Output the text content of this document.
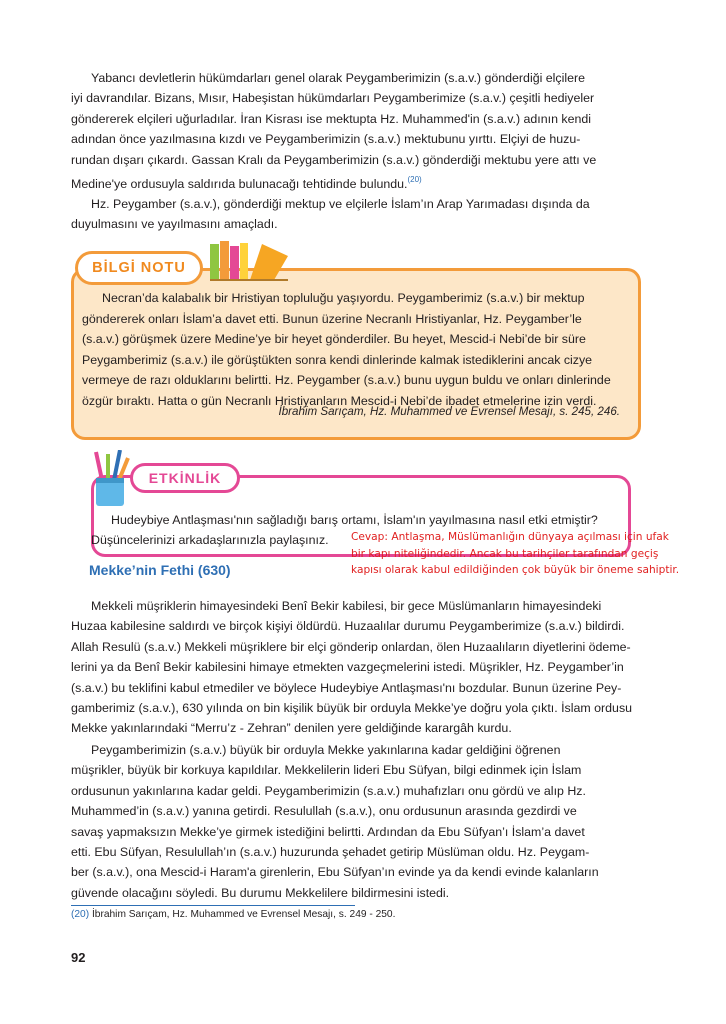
Yabancı devletlerin hükümdarları genel olarak Peygamberimizin (s.a.v.) gönderdiği elçilere
iyi davrandılar. Bizans, Mısır, Habeşistan hükümdarları Peygamberimize (s.a.v.) çeşitli hediyeler
göndererek elçileri uğurladılar. İran Kisrası ise mektupta Hz. Muhammed'in (s.a.v.) adının kendi
adından önce yazılmasına kızdı ve Peygamberimizin (s.a.v.) mektubunu yırttı. Elçiyi de huzu-
rundan dışarı çıkardı. Gassan Kralı da Peygamberimizin (s.a.v.) gönderdiği mektubu yere attı ve
Medine'ye ordusuyla saldırıda bulunacağı tehtidinde bulundu.$^{(20)}$
Hz. Peygamber (s.a.v.), gönderdiği mektup ve elçilerle İslam’ın Arap Yarımadası dışında da
duyulmasını ve yayılmasını amaçladı.
BİLGİ NOTU
Necran’da kalabalık bir Hristiyan topluluğu yaşıyordu. Peygamberimiz (s.a.v.) bir mektup
göndererek onları İslam’a davet etti. Bunun üzerine Necranlı Hristiyanlar, Hz. Peygamber’le
(s.a.v.) görüşmek üzere Medine’ye bir heyet gönderdiler. Bu heyet, Mescid-i Nebi’de bir süre
Peygamberimiz (s.a.v.) ile görüştükten sonra kendi dinlerinde kalmak istediklerini ancak cizye
vermeye de razı olduklarını belirtti. Hz. Peygamber (s.a.v.) bunu uygun buldu ve onları dinlerinde
özgür bıraktı. Hatta o gün Necranlı Hristiyanların Mescid-i Nebi’de ibadet etmelerine izin verdi.

İbrahim Sarıçam, Hz. Muhammed ve Evrensel Mesajı, s. 245, 246.

ETKİNLİK
Hudeybiye Antlaşması'nın sağladığı barış ortamı, İslam'ın yayılmasına nasıl etki etmiştir?
Düşüncelerinizi arkadaşlarınızla paylaşınız.	Cevap: Antlaşma, Müslümanlığın dünyaya açılması için ufak
bir kapı niteliğindedir. Ancak bu tarihçiler tarafından geçiş
kapısı olarak kabul edildiğinden çok büyük bir öneme sahiptir.

Mekke’nin Fethi (630)

Mekkeli müşriklerin himayesindeki Benî Bekir kabilesi, bir gece Müslümanların himayesindeki
Huzaa kabilesine saldırdı ve birçok kişiyi öldürdü. Huzaalılar durumu Peygamberimize (s.a.v.) bildirdi.
Allah Resulü (s.a.v.) Mekkeli müşriklere bir elçi gönderip onlardan, ölen Huzaalıların diyetlerini ödeme-
lerini ya da Benî Bekir kabilesini himaye etmekten vazgeçmelerini istedi. Müşrikler, Hz. Peygamber’in
(s.a.v.) bu teklifini kabul etmediler ve böylece Hudeybiye Antlaşması'nı bozdular. Bunun üzerine Pey-
gamberimiz (s.a.v.), 630 yılında on bin kişilik büyük bir orduyla Mekke’ye doğru yola çıktı. İslam ordusu
Mekke yakınlarındaki “Merru’z - Zehran” denilen yere geldiğinde karargâh kurdu.
Peygamberimizin (s.a.v.) büyük bir orduyla Mekke yakınlarına kadar geldiğini öğrenen
müşrikler, büyük bir korkuya kapıldılar. Mekkelilerin lideri Ebu Süfyan, bilgi edinmek için İslam
ordusunun yakınlarına kadar geldi. Peygamberimizin (s.a.v.) muhafızları onu gördü ve alıp Hz.
Muhammed’in (s.a.v.) yanına getirdi. Resulullah (s.a.v.), onu ordusunun arasında gezdirdi ve
savaş yapmaksızın Mekke’ye girmek istediğini belirtti. Ardından da Ebu Süfyan’ı İslam’a davet
etti. Ebu Süfyan, Resulullah’ın (s.a.v.) huzurunda şehadet getirip Müslüman oldu. Hz. Peygam-
ber (s.a.v.), ona Mescid-i Haram'a girenlerin, Ebu Süfyan’ın evinde ya da kendi evinde kalanların
güvende olacağını söyledi. Bu durumu Mekkelilere bildirmesini istedi.

(20) İbrahim Sarıçam, Hz. Muhammed ve Evrensel Mesajı, s. 249 - 250.

92
